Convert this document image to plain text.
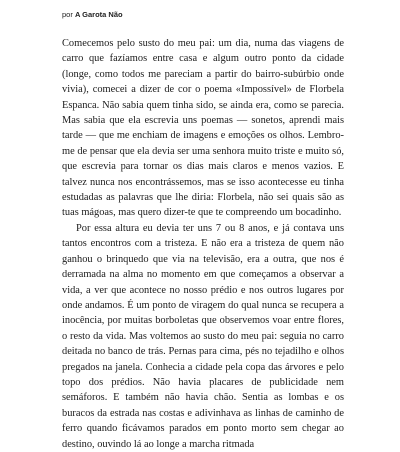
por A Garota Não

Comecemos pelo susto do meu pai: um dia, numa das viagens de carro que fazíamos entre casa e algum outro ponto da cidade (longe, como todos me pareciam a partir do bairro-subúrbio onde vivia), comecei a dizer de cor o poema «Impossível» de Florbela Espanca. Não sabia quem tinha sido, se ainda era, como se parecia. Mas sabia que ela escrevia uns poemas — sonetos, aprendi mais tarde — que me enchiam de imagens e emoções os olhos. Lembro-me de pensar que ela devia ser uma senhora muito triste e muito só, que escrevia para tornar os dias mais claros e menos vazios. E talvez nunca nos encontrássemos, mas se isso acontecesse eu tinha estudadas as palavras que lhe diria: Florbela, não sei quais são as tuas mágoas, mas quero dizer-te que te compreendo um bocadinho.

Por essa altura eu devia ter uns 7 ou 8 anos, e já contava uns tantos encontros com a tristeza. E não era a tristeza de quem não ganhou o brinquedo que via na televisão, era a outra, que nos é derramada na alma no momento em que começamos a observar a vida, a ver que acontece no nosso prédio e nos outros lugares por onde andamos. É um ponto de viragem do qual nunca se recupera a inocência, por muitas borboletas que observemos voar entre flores, o resto da vida. Mas voltemos ao susto do meu pai: seguia no carro deitada no banco de trás. Pernas para cima, pés no tejadilho e olhos pregados na janela. Conhecia a cidade pela copa das árvores e pelo topo dos prédios. Não havia placares de publicidade nem semáforos. E também não havia chão. Sentia as lombas e os buracos da estrada nas costas e adivinhava as linhas de caminho de ferro quando ficávamos parados em ponto morto sem chegar ao destino, ouvindo lá ao longe a marcha ritmada
